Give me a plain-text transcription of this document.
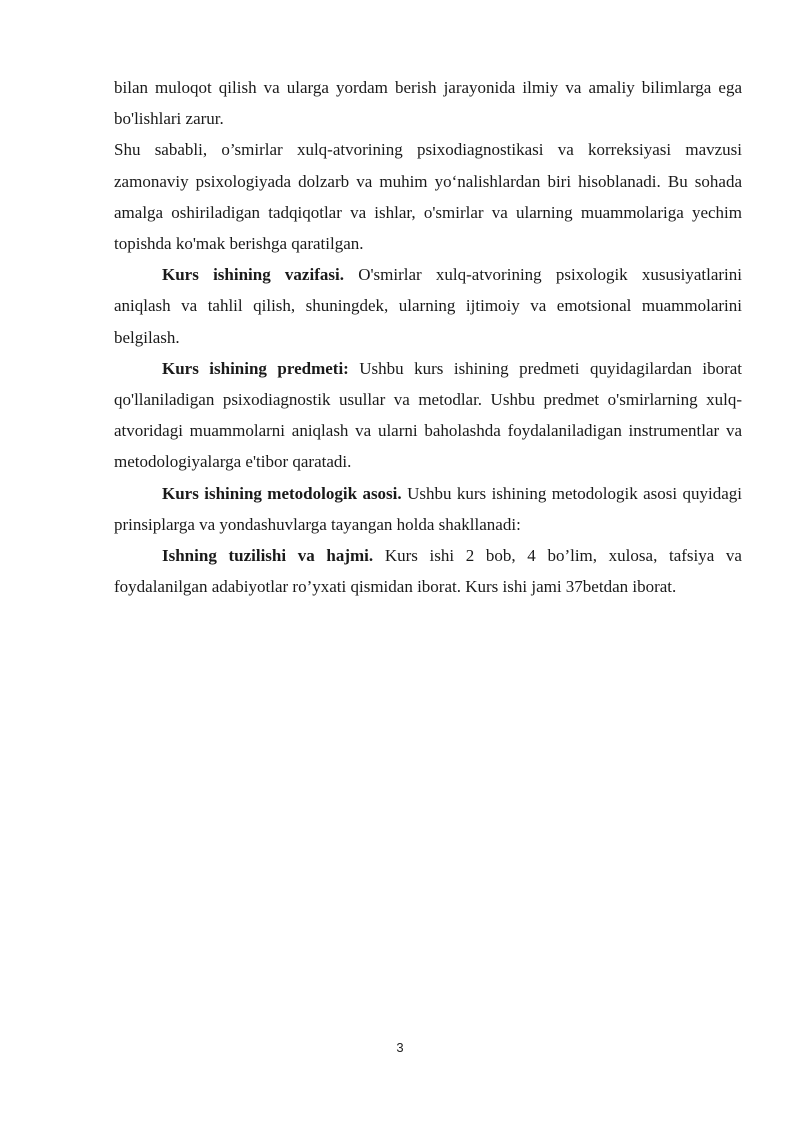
bilan muloqot qilish va ularga yordam berish jarayonida ilmiy va amaliy bilimlarga ega bo'lishlari zarur.

Shu sababli, o’smirlar xulq-atvorining psixodiagnostikasi va korreksiyasi mavzusi zamonaviy psixologiyada dolzarb va muhim yo‘nalishlardan biri hisoblanadi. Bu sohada amalga oshiriladigan tadqiqotlar va ishlar, o'smirlar va ularning muammolariga yechim topishda ko'mak berishga qaratilgan.

Kurs ishining vazifasi. O'smirlar xulq-atvorining psixologik xususiyatlarini aniqlash va tahlil qilish, shuningdek, ularning ijtimoiy va emotsional muammolarini belgilash.

Kurs ishining predmeti: Ushbu kurs ishining predmeti quyidagilardan iborat qo'llaniladigan psixodiagnostik usullar va metodlar. Ushbu predmet o'smirlarning xulq-atvoridagi muammolarni aniqlash va ularni baholashda foydalaniladigan instrumentlar va metodologiyalarga e'tibor qaratadi.

Kurs ishining metodologik asosi. Ushbu kurs ishining metodologik asosi quyidagi prinsiplarga va yondashuvlarga tayangan holda shakllanadi:

Ishning tuzilishi va hajmi. Kurs ishi 2 bob, 4 bo’lim, xulosa, tafsiya va foydalanilgan adabiyotlar ro’yxati qismidan iborat. Kurs ishi jami 37betdan iborat.

3
